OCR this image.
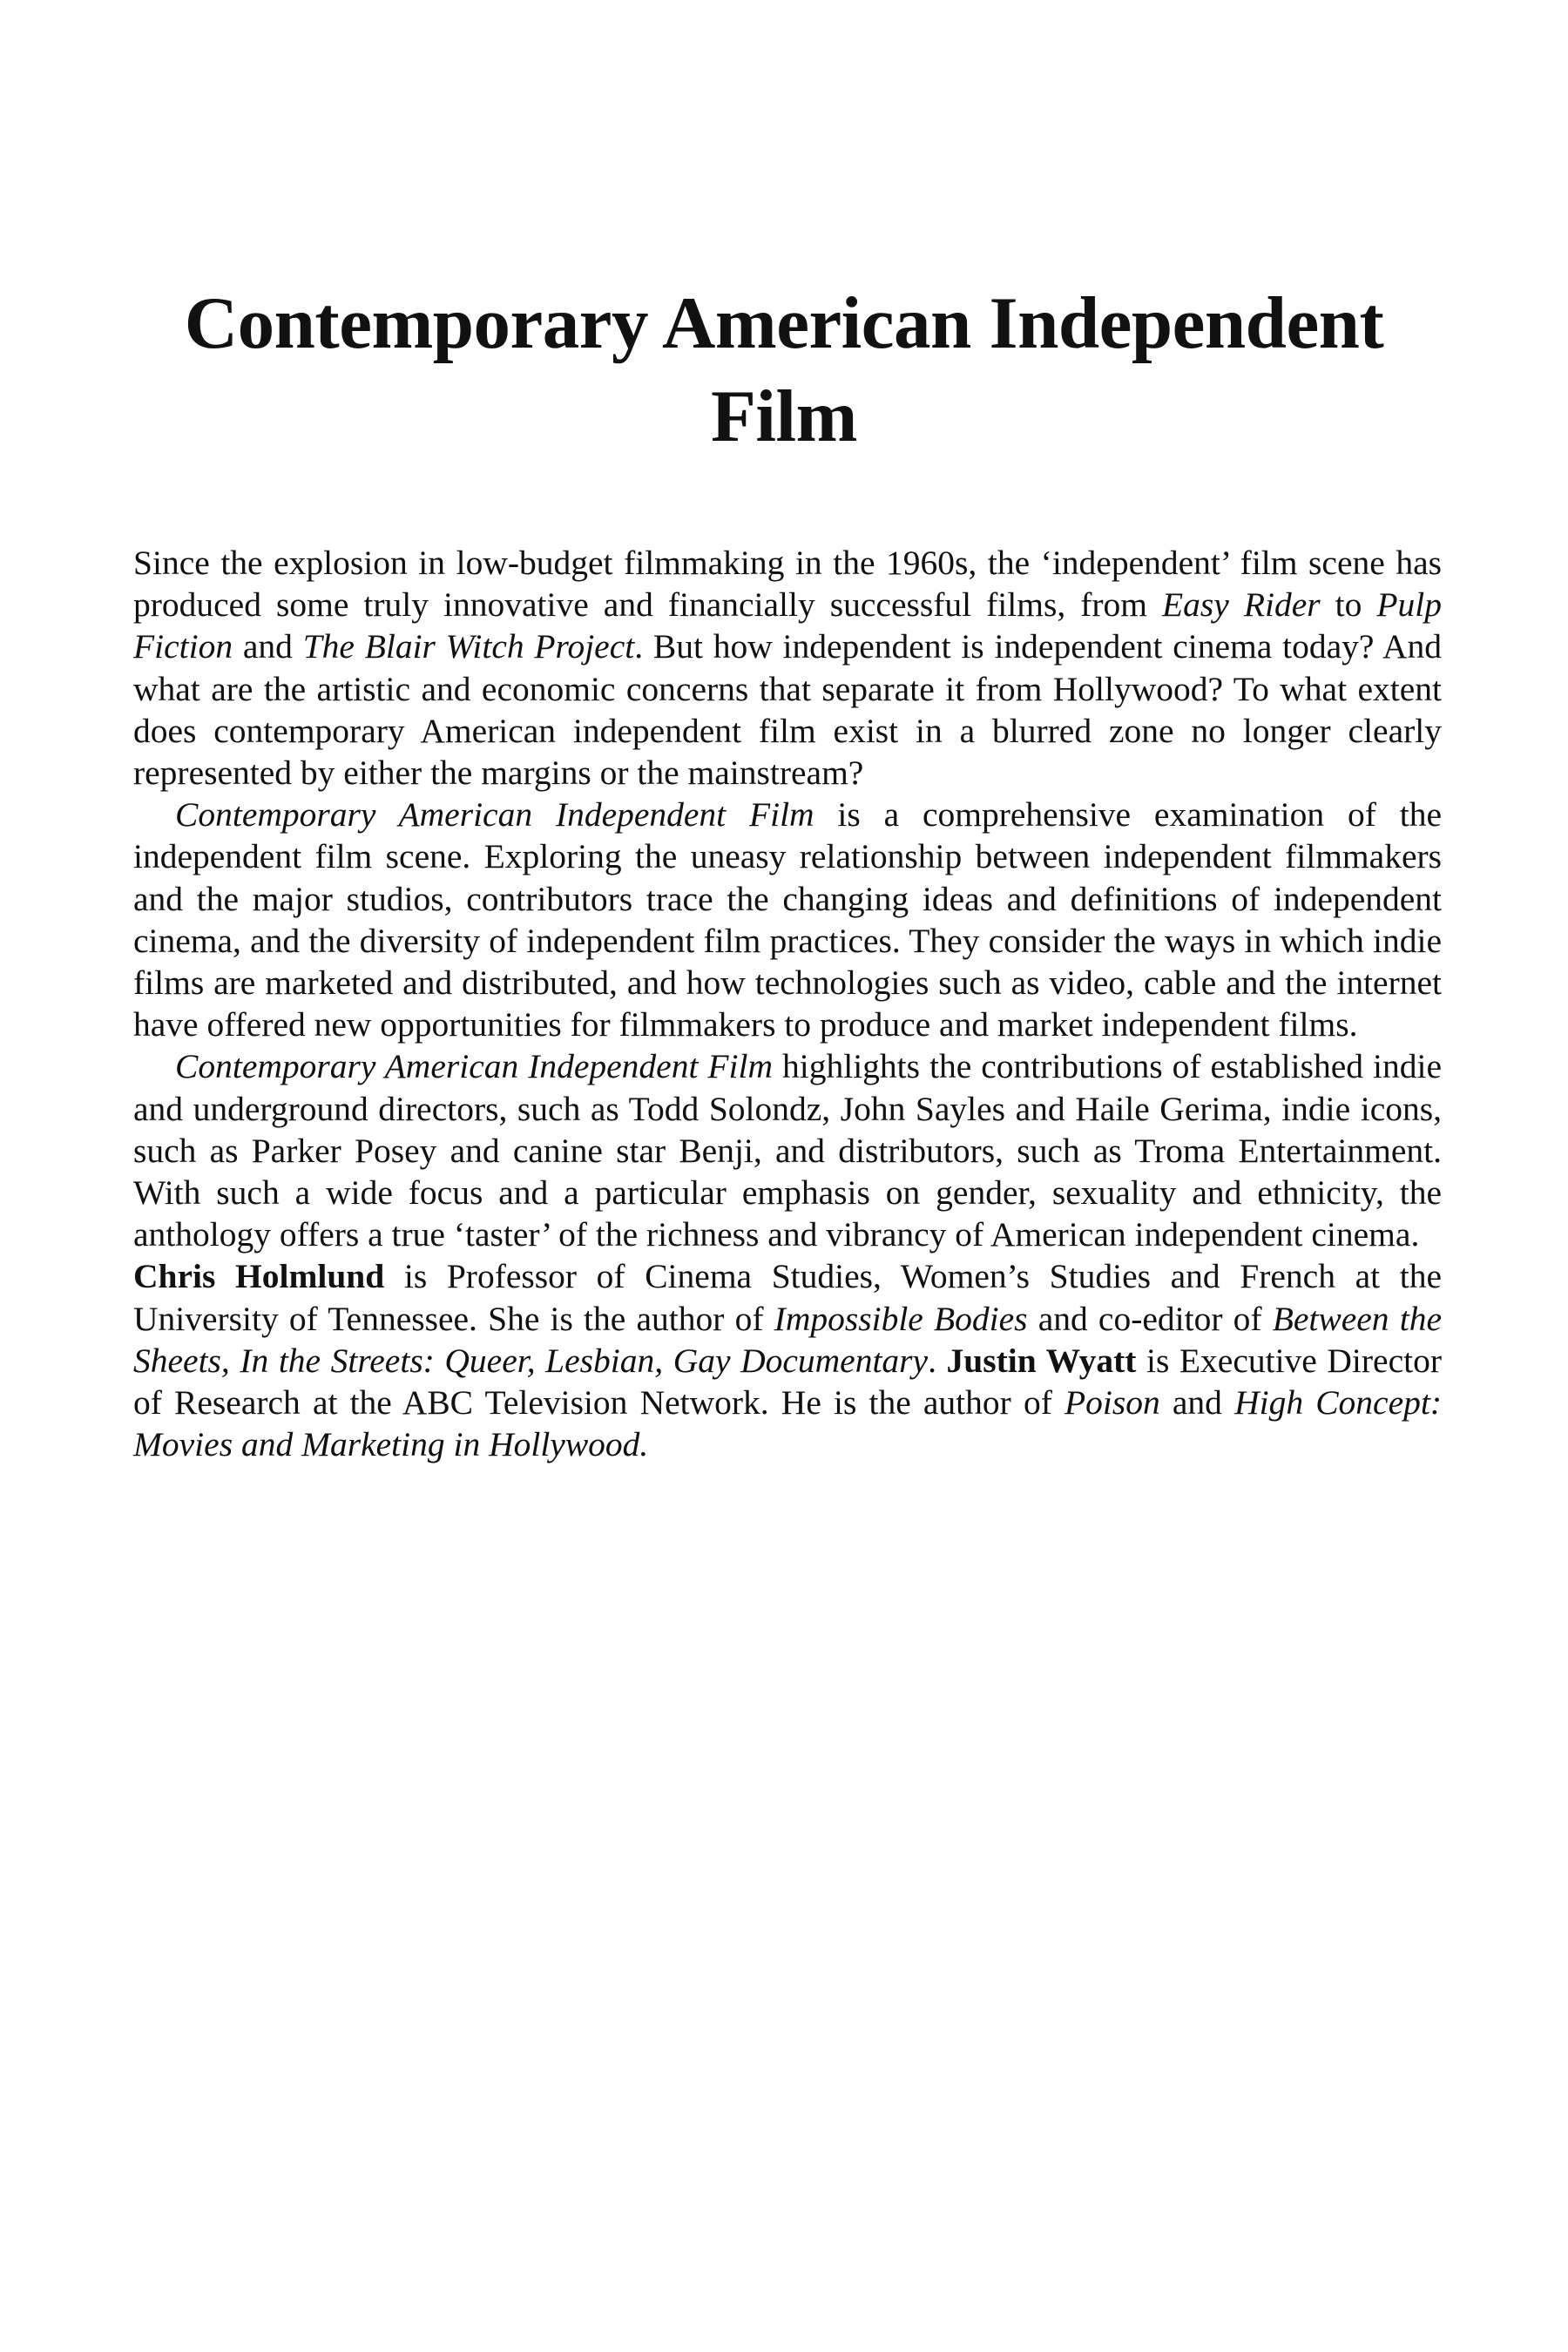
Contemporary American Independent
Film

Since the explosion in low-budget filmmaking in the 1960s, the ‘independent’ film scene has produced some truly innovative and financially successful films, from Easy Rider to Pulp Fiction and The Blair Witch Project. But how independent is independent cinema today? And what are the artistic and economic concerns that separate it from Hollywood? To what extent does contemporary American independent film exist in a blurred zone no longer clearly represented by either the margins or the mainstream?

Contemporary American Independent Film is a comprehensive examination of the independent film scene. Exploring the uneasy relationship between independent filmmakers and the major studios, contributors trace the changing ideas and definitions of independent cinema, and the diversity of independent film practices. They consider the ways in which indie films are marketed and distributed, and how technologies such as video, cable and the internet have offered new opportunities for filmmakers to produce and market independent films.

Contemporary American Independent Film highlights the contributions of established indie and underground directors, such as Todd Solondz, John Sayles and Haile Gerima, indie icons, such as Parker Posey and canine star Benji, and distributors, such as Troma Entertainment. With such a wide focus and a particular emphasis on gender, sexuality and ethnicity, the anthology offers a true ‘taster’ of the richness and vibrancy of American independent cinema.

Chris Holmlund is Professor of Cinema Studies, Women’s Studies and French at the University of Tennessee. She is the author of Impossible Bodies and co-editor of Between the Sheets, In the Streets: Queer, Lesbian, Gay Documentary. Justin Wyatt is Executive Director of Research at the ABC Television Network. He is the author of Poison and High Concept: Movies and Marketing in Hollywood.
